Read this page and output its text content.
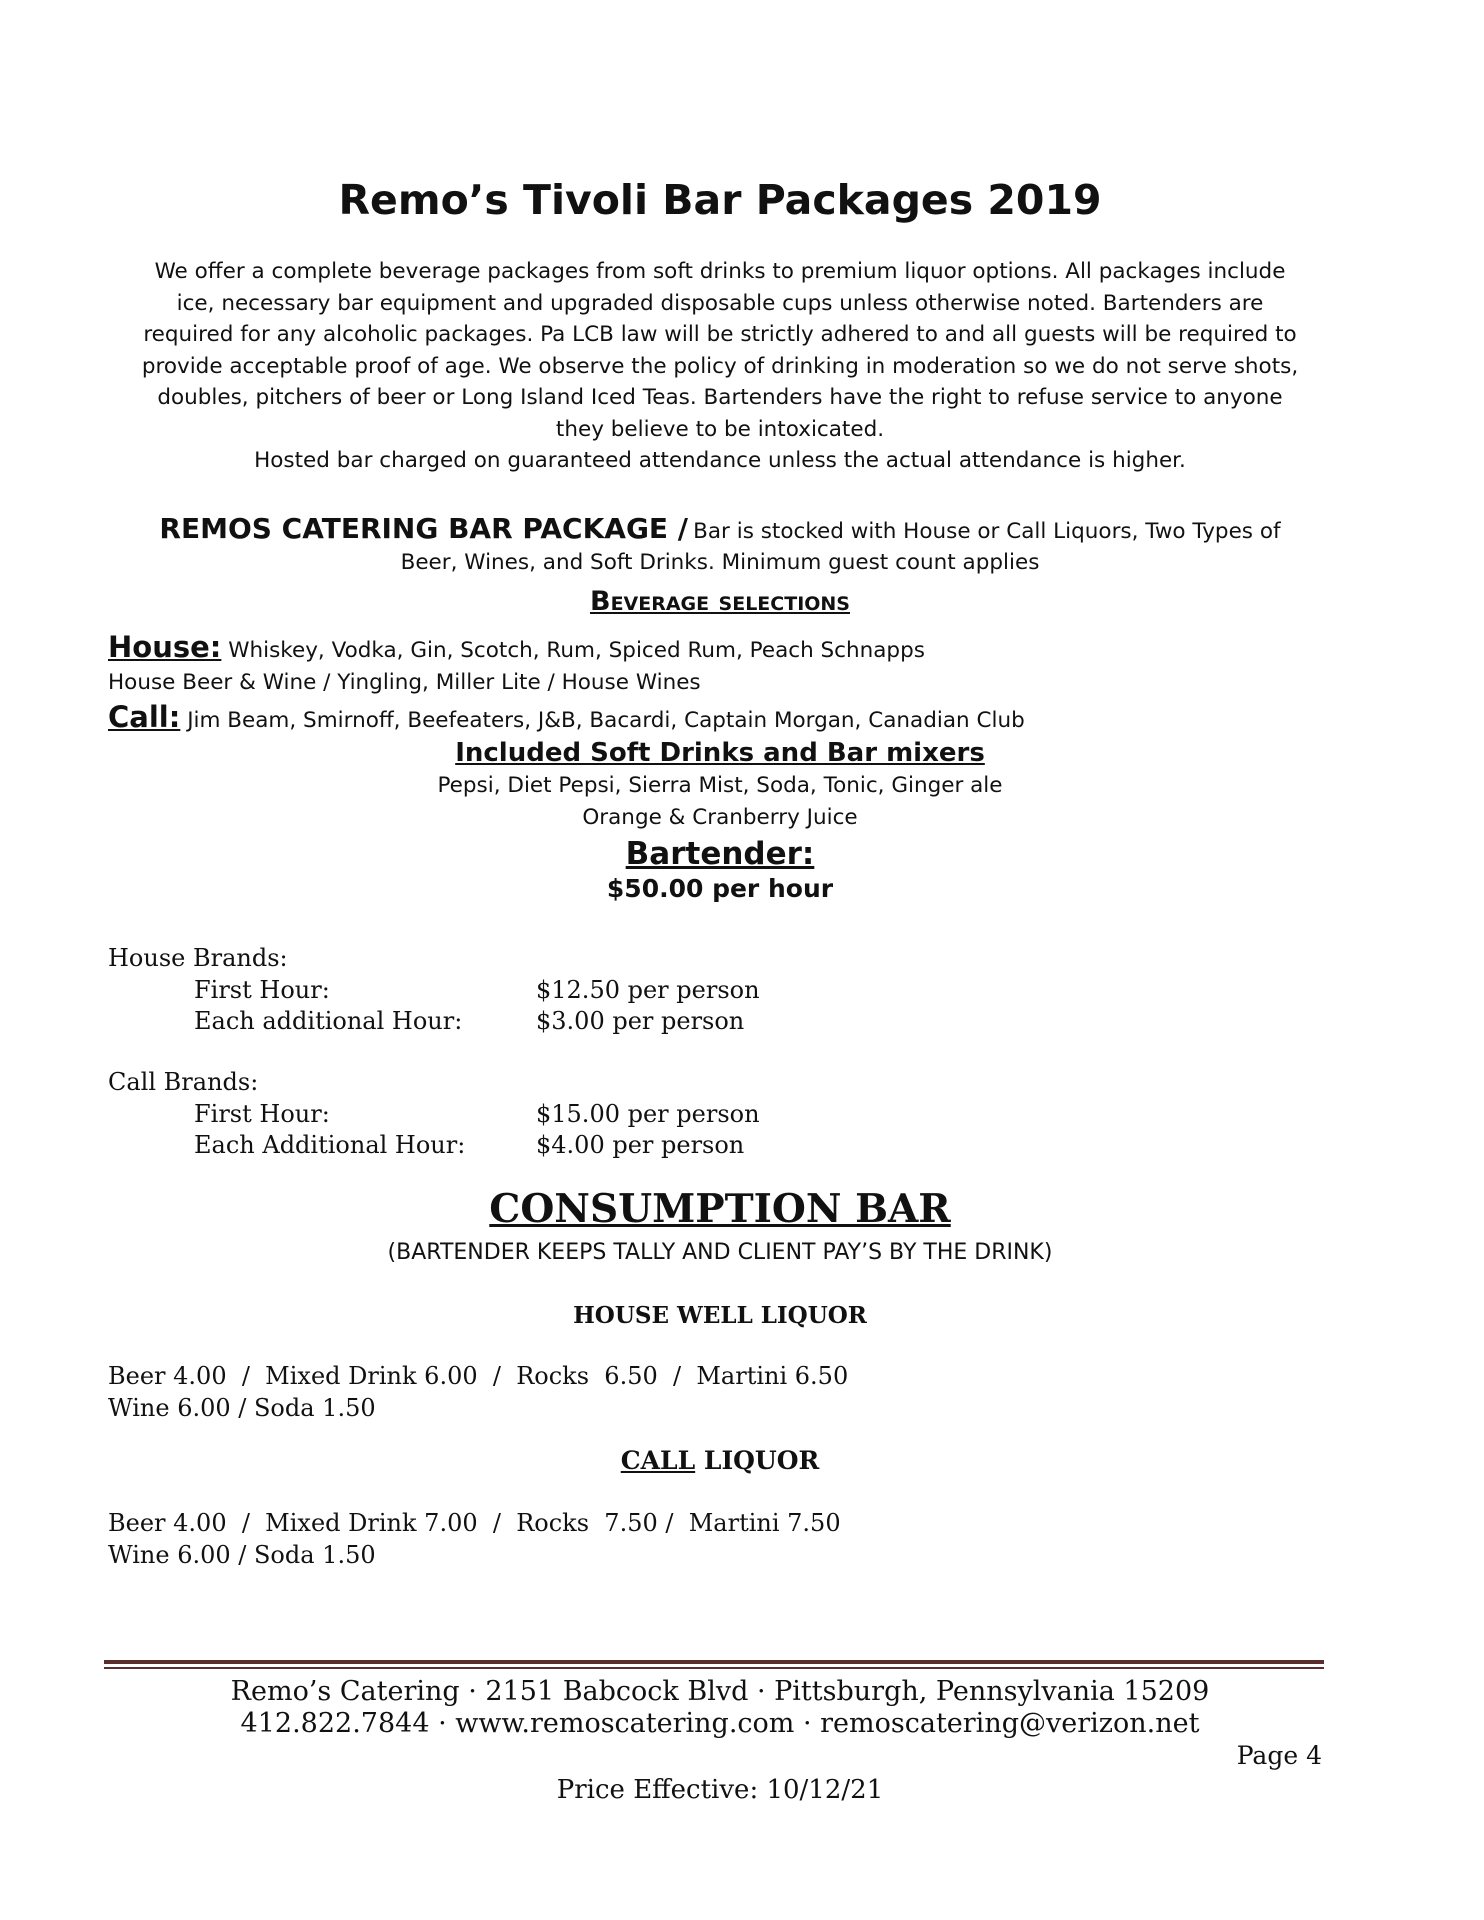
Remo’s Tivoli Bar Packages 2019
We offer a complete beverage packages from soft drinks to premium liquor options. All packages include
ice, necessary bar equipment and upgraded disposable cups unless otherwise noted. Bartenders are
required for any alcoholic packages. Pa LCB law will be strictly adhered to and all guests will be required to
provide acceptable proof of age. We observe the policy of drinking in moderation so we do not serve shots,
doubles, pitchers of beer or Long Island Iced Teas. Bartenders have the right to refuse service to anyone
they believe to be intoxicated.
Hosted bar charged on guaranteed attendance unless the actual attendance is higher.
REMOS CATERING BAR PACKAGE / Bar is stocked with House or Call Liquors, Two Types of
Beer, Wines, and Soft Drinks. Minimum guest count applies
Beverage selections
House: Whiskey, Vodka, Gin, Scotch, Rum, Spiced Rum, Peach Schnapps
House Beer & Wine / Yingling, Miller Lite / House Wines
Call: Jim Beam, Smirnoff, Beefeaters, J&B, Bacardi, Captain Morgan, Canadian Club
Included Soft Drinks and Bar mixers
Pepsi, Diet Pepsi, Sierra Mist, Soda, Tonic, Ginger ale
Orange & Cranberry Juice
Bartender:
$50.00 per hour
House Brands:
First Hour:	$12.50 per person
Each additional Hour:	$3.00 per person
Call Brands:
First Hour:	$15.00 per person
Each Additional Hour:	$4.00 per person
CONSUMPTION BAR
(BARTENDER KEEPS TALLY AND CLIENT PAY’S BY THE DRINK)
HOUSE WELL LIQUOR
Beer 4.00  /  Mixed Drink 6.00  /  Rocks  6.50  /  Martini 6.50
Wine 6.00 / Soda 1.50
CALL LIQUOR
Beer 4.00  /  Mixed Drink 7.00  /  Rocks  7.50 /  Martini 7.50
Wine 6.00 / Soda 1.50
Remo’s Catering · 2151 Babcock Blvd · Pittsburgh, Pennsylvania 15209
412.822.7844 · www.remoscatering.com · remoscatering@verizon.net
Page 4
Price Effective: 10/12/21
